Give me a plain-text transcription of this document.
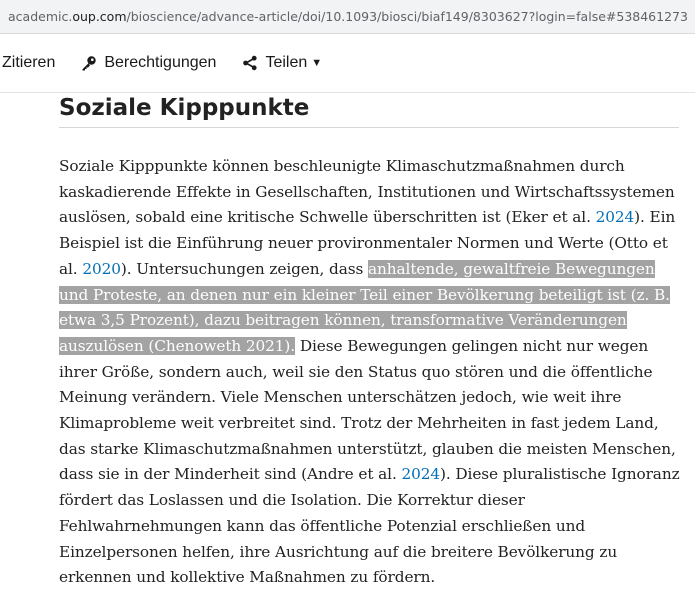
academic. oup.com /bioscience/advance-article/doi/10.1093/biosci/biaf149/8303627?login=false#538461273
Zitieren	Berechtigungen	Teilen ▼
Soziale Kipppunkte

Soziale Kipppunkte können beschleunigte Klimaschutzmaßnahmen durch kaskadierende Effekte in Gesellschaften, Institutionen und Wirtschaftssystemen auslösen, sobald eine kritische Schwelle überschritten ist (Eker et al. 2024). Ein Beispiel ist die Einführung neuer provironmentaler Normen und Werte (Otto et al. 2020). Untersuchungen zeigen, dass anhaltende, gewaltfreie Bewegungen und Proteste, an denen nur ein kleiner Teil einer Bevölkerung beteiligt ist (z. B. etwa 3,5 Prozent), dazu beitragen können, transformative Veränderungen auszulösen (Chenoweth 2021). Diese Bewegungen gelingen nicht nur wegen ihrer Größe, sondern auch, weil sie den Status quo stören und die öffentliche Meinung verändern. Viele Menschen unterschätzen jedoch, wie weit ihre Klimaprobleme weit verbreitet sind. Trotz der Mehrheiten in fast jedem Land, das starke Klimaschutzmaßnahmen unterstützt, glauben die meisten Menschen, dass sie in der Minderheit sind (Andre et al. 2024). Diese pluralistische Ignoranz fördert das Loslassen und die Isolation. Die Korrektur dieser Fehlwahrnehmungen kann das öffentliche Potenzial erschließen und Einzelpersonen helfen, ihre Ausrichtung auf die breitere Bevölkerung zu erkennen und kollektive Maßnahmen zu fördern.
